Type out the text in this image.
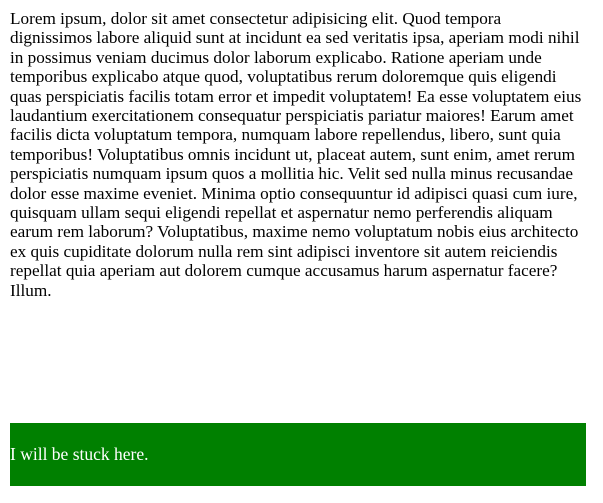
Lorem ipsum, dolor sit amet consectetur adipisicing elit. Quod tempora dignissimos labore aliquid sunt at incidunt ea sed veritatis ipsa, aperiam modi nihil in possimus veniam ducimus dolor laborum explicabo. Ratione aperiam unde temporibus explicabo atque quod, voluptatibus rerum doloremque quis eligendi quas perspiciatis facilis totam error et impedit voluptatem! Ea esse voluptatem eius laudantium exercitationem consequatur perspiciatis pariatur maiores! Earum amet facilis dicta voluptatum tempora, numquam labore repellendus, libero, sunt quia temporibus! Voluptatibus omnis incidunt ut, placeat autem, sunt enim, amet rerum perspiciatis numquam ipsum quos a mollitia hic. Velit sed nulla minus recusandae dolor esse maxime eveniet. Minima optio consequuntur id adipisci quasi cum iure, quisquam ullam sequi eligendi repellat et aspernatur nemo perferendis aliquam earum rem laborum? Voluptatibus, maxime nemo voluptatum nobis eius architecto ex quis cupiditate dolorum nulla rem sint adipisci inventore sit autem reiciendis repellat quia aperiam aut dolorem cumque accusamus harum aspernatur facere? Illum.

I will be stuck here.
